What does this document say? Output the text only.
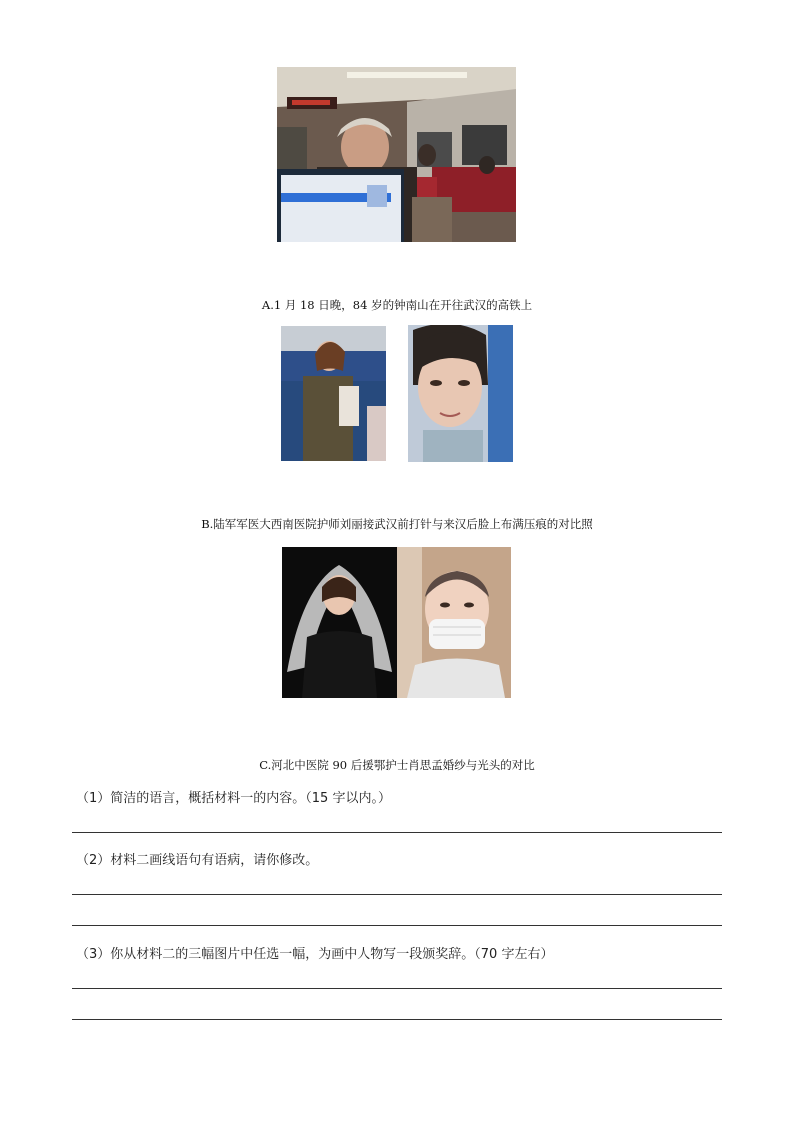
A.1 月 18 日晚，84 岁的钟南山在开往武汉的高铁上
B.陆军军医大西南医院护师刘丽接武汉前打针与来汉后脸上布满压痕的对比照
C.河北中医院 90 后援鄂护士肖思孟婚纱与光头的对比
（1）简洁的语言，概括材料一的内容。（15 字以内。）
（2）材料二画线语句有语病，请你修改。
（3）你从材料二的三幅图片中任选一幅，为画中人物写一段颁奖辞。（70 字左右）
